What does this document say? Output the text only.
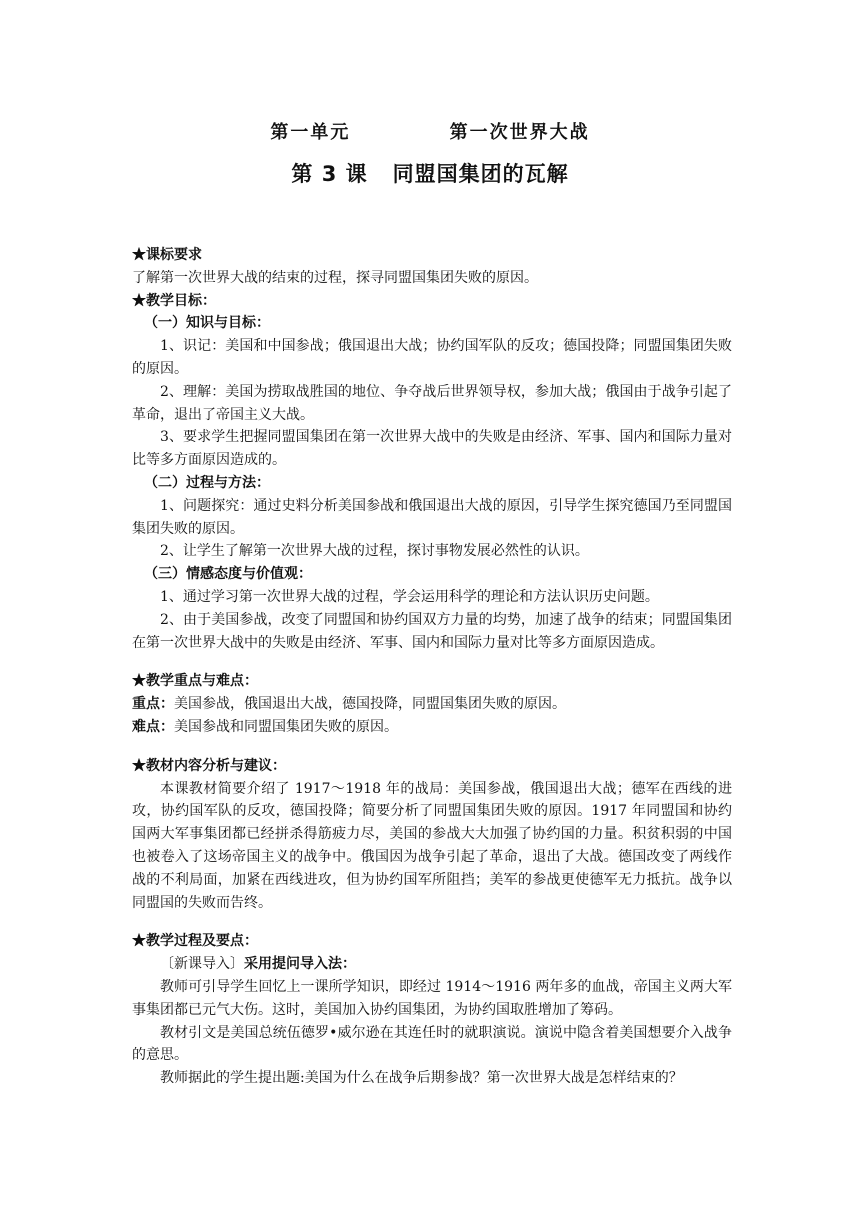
第一单元            第一次世界大战
第 3 课   同盟国集团的瓦解

★课标要求

了解第一次世界大战的结束的过程，探寻同盟国集团失败的原因。

★教学目标：

（一）知识与目标：

1、识记：美国和中国参战；俄国退出大战；协约国军队的反攻；德国投降；同盟国集团失败的原因。

2、理解：美国为捞取战胜国的地位、争夺战后世界领导权，参加大战；俄国由于战争引起了革命，退出了帝国主义大战。

3、要求学生把握同盟国集团在第一次世界大战中的失败是由经济、军事、国内和国际力量对比等多方面原因造成的。

（二）过程与方法：

1、问题探究：通过史料分析美国参战和俄国退出大战的原因，引导学生探究德国乃至同盟国集团失败的原因。

2、让学生了解第一次世界大战的过程，探讨事物发展必然性的认识。

（三）情感态度与价值观：

1、通过学习第一次世界大战的过程，学会运用科学的理论和方法认识历史问题。

2、由于美国参战，改变了同盟国和协约国双方力量的均势，加速了战争的结束；同盟国集团在第一次世界大战中的失败是由经济、军事、国内和国际力量对比等多方面原因造成。

★教学重点与难点：

重点：美国参战，俄国退出大战，德国投降，同盟国集团失败的原因。

难点：美国参战和同盟国集团失败的原因。

★教材内容分析与建议：

本课教材简要介绍了 1917～1918 年的战局：美国参战，俄国退出大战；德军在西线的进攻，协约国军队的反攻，德国投降；简要分析了同盟国集团失败的原因。1917 年同盟国和协约国两大军事集团都已经拼杀得筋疲力尽，美国的参战大大加强了协约国的力量。积贫积弱的中国也被卷入了这场帝国主义的战争中。俄国因为战争引起了革命，退出了大战。德国改变了两线作战的不利局面，加紧在西线进攻，但为协约国军所阻挡；美军的参战更使德军无力抵抗。战争以同盟国的失败而告终。

★教学过程及要点：

〔新课导入〕采用提问导入法：

教师可引导学生回忆上一课所学知识，即经过 1914～1916 两年多的血战，帝国主义两大军事集团都已元气大伤。这时，美国加入协约国集团，为协约国取胜增加了筹码。

教材引文是美国总统伍德罗•威尔逊在其连任时的就职演说。演说中隐含着美国想要介入战争的意思。

教师据此的学生提出题:美国为什么在战争后期参战？第一次世界大战是怎样结束的？
